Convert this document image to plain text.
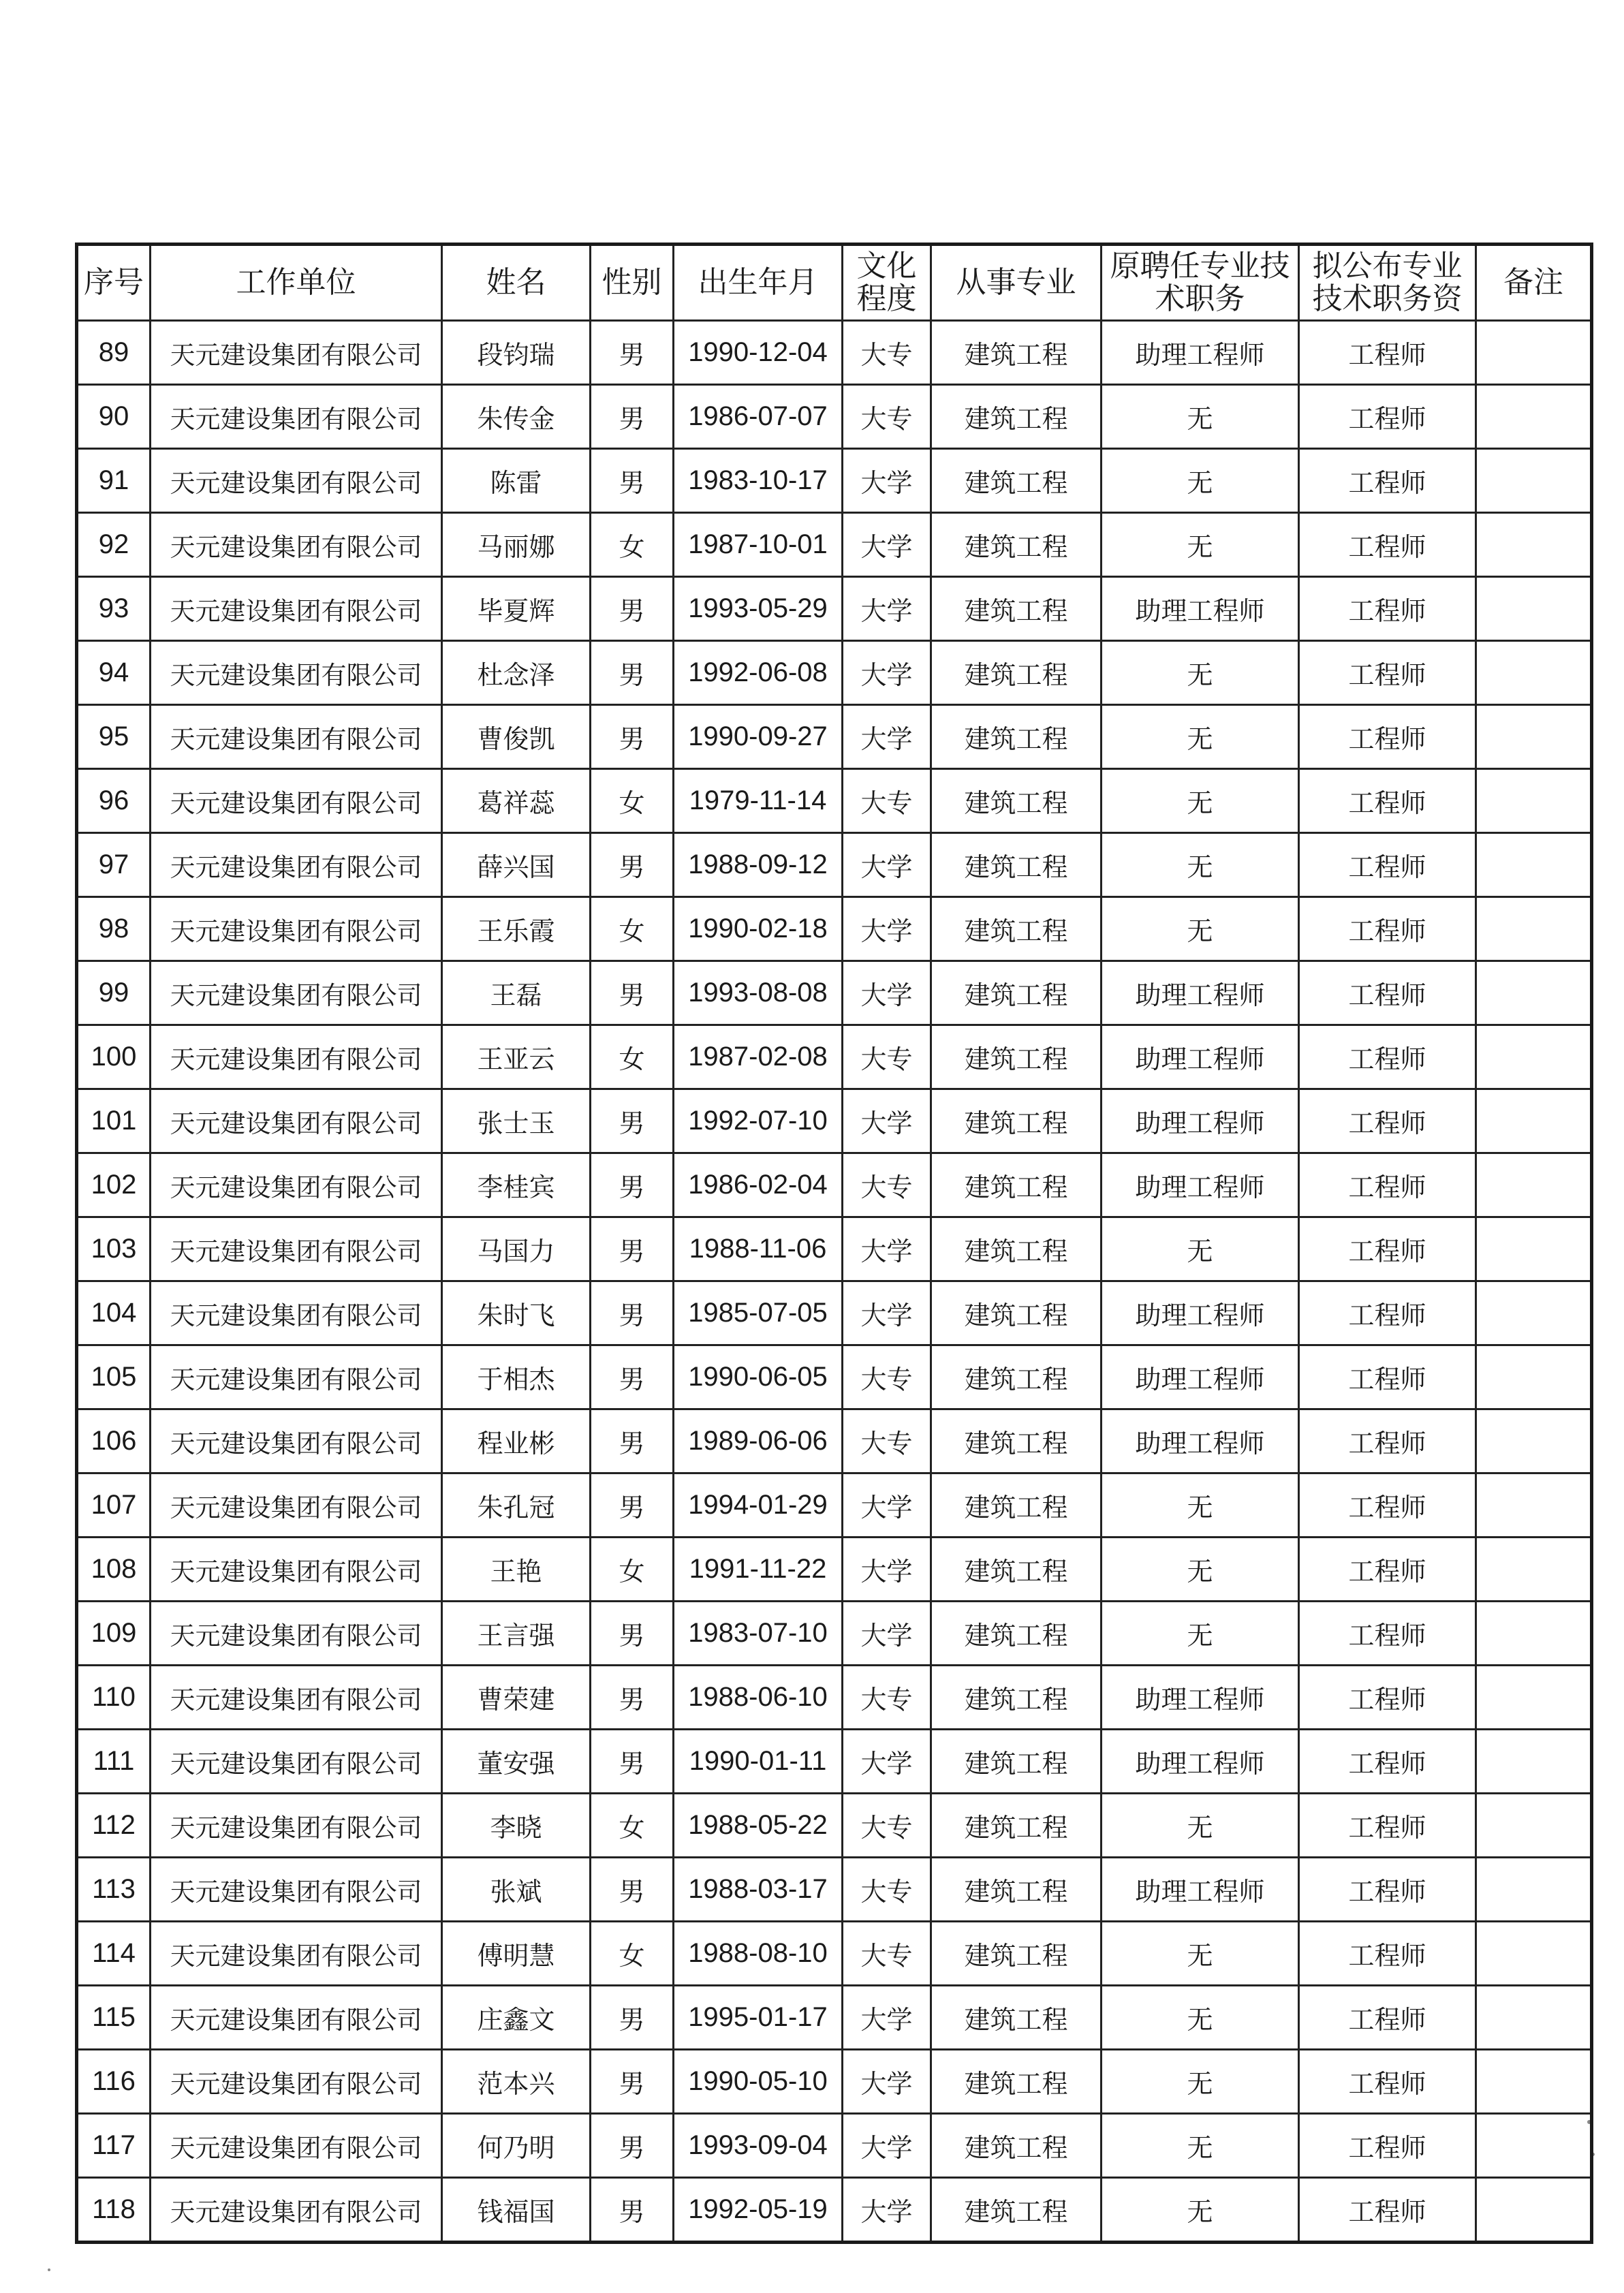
序号	工作单位	姓名	性别	出生年月	文化程度	从事专业	原聘任专业技术职务	拟公布专业技术职务资	备注
89	天元建设集团有限公司	段钧瑞	男	1990-12-04	大专	建筑工程	助理工程师	工程师	
90	天元建设集团有限公司	朱传金	男	1986-07-07	大专	建筑工程	无	工程师	
91	天元建设集团有限公司	陈雷	男	1983-10-17	大学	建筑工程	无	工程师	
92	天元建设集团有限公司	马丽娜	女	1987-10-01	大学	建筑工程	无	工程师	
93	天元建设集团有限公司	毕夏辉	男	1993-05-29	大学	建筑工程	助理工程师	工程师	
94	天元建设集团有限公司	杜念泽	男	1992-06-08	大学	建筑工程	无	工程师	
95	天元建设集团有限公司	曹俊凯	男	1990-09-27	大学	建筑工程	无	工程师	
96	天元建设集团有限公司	葛祥蕊	女	1979-11-14	大专	建筑工程	无	工程师	
97	天元建设集团有限公司	薛兴国	男	1988-09-12	大学	建筑工程	无	工程师	
98	天元建设集团有限公司	王乐霞	女	1990-02-18	大学	建筑工程	无	工程师	
99	天元建设集团有限公司	王磊	男	1993-08-08	大学	建筑工程	助理工程师	工程师	
100	天元建设集团有限公司	王亚云	女	1987-02-08	大专	建筑工程	助理工程师	工程师	
101	天元建设集团有限公司	张士玉	男	1992-07-10	大学	建筑工程	助理工程师	工程师	
102	天元建设集团有限公司	李桂宾	男	1986-02-04	大专	建筑工程	助理工程师	工程师	
103	天元建设集团有限公司	马国力	男	1988-11-06	大学	建筑工程	无	工程师	
104	天元建设集团有限公司	朱时飞	男	1985-07-05	大学	建筑工程	助理工程师	工程师	
105	天元建设集团有限公司	于相杰	男	1990-06-05	大专	建筑工程	助理工程师	工程师	
106	天元建设集团有限公司	程业彬	男	1989-06-06	大专	建筑工程	助理工程师	工程师	
107	天元建设集团有限公司	朱孔冠	男	1994-01-29	大学	建筑工程	无	工程师	
108	天元建设集团有限公司	王艳	女	1991-11-22	大学	建筑工程	无	工程师	
109	天元建设集团有限公司	王言强	男	1983-07-10	大学	建筑工程	无	工程师	
110	天元建设集团有限公司	曹荣建	男	1988-06-10	大专	建筑工程	助理工程师	工程师	
111	天元建设集团有限公司	董安强	男	1990-01-11	大学	建筑工程	助理工程师	工程师	
112	天元建设集团有限公司	李晓	女	1988-05-22	大专	建筑工程	无	工程师	
113	天元建设集团有限公司	张斌	男	1988-03-17	大专	建筑工程	助理工程师	工程师	
114	天元建设集团有限公司	傅明慧	女	1988-08-10	大专	建筑工程	无	工程师	
115	天元建设集团有限公司	庄鑫文	男	1995-01-17	大学	建筑工程	无	工程师	
116	天元建设集团有限公司	范本兴	男	1990-05-10	大学	建筑工程	无	工程师	
117	天元建设集团有限公司	何乃明	男	1993-09-04	大学	建筑工程	无	工程师	
118	天元建设集团有限公司	钱福国	男	1992-05-19	大学	建筑工程	无	工程师	
